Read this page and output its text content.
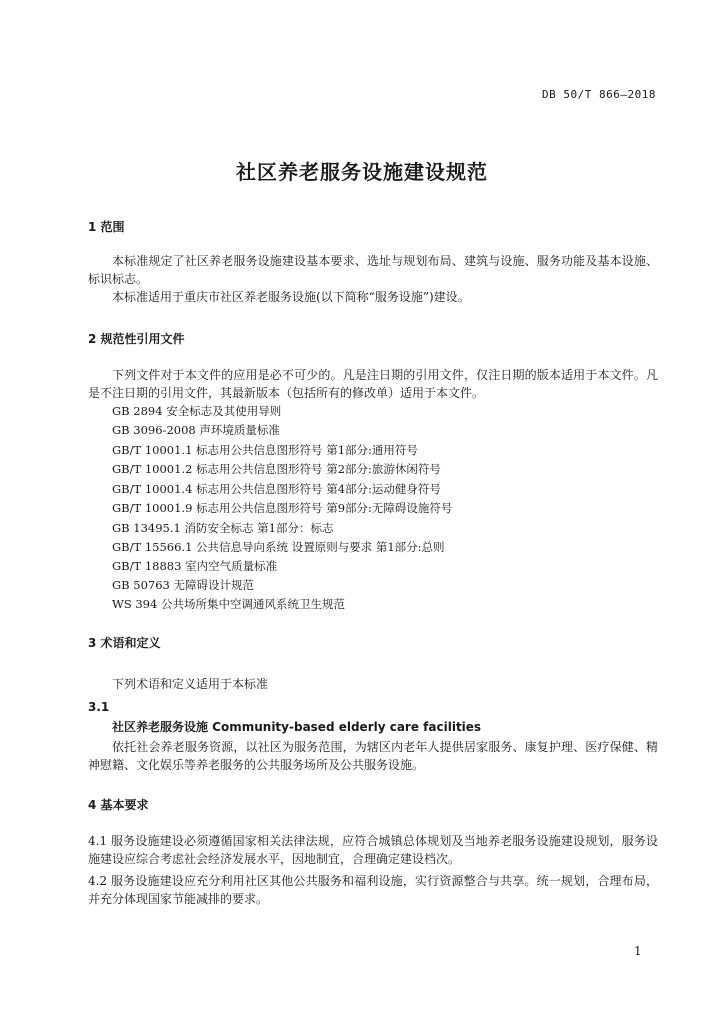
DB 50/T 866—2018
社区养老服务设施建设规范
1 范围
本标准规定了社区养老服务设施建设基本要求、选址与规划布局、建筑与设施、服务功能及基本设施、标识标志。
本标准适用于重庆市社区养老服务设施(以下简称“服务设施”)建设。
2 规范性引用文件
下列文件对于本文件的应用是必不可少的。凡是注日期的引用文件，仅注日期的版本适用于本文件。凡是不注日期的引用文件，其最新版本（包括所有的修改单）适用于本文件。
GB 2894 安全标志及其使用导则
GB 3096-2008 声环境质量标准
GB/T 10001.1 标志用公共信息图形符号 第1部分:通用符号
GB/T 10001.2 标志用公共信息图形符号 第2部分:旅游休闲符号
GB/T 10001.4 标志用公共信息图形符号 第4部分:运动健身符号
GB/T 10001.9 标志用公共信息图形符号 第9部分:无障碍设施符号
GB 13495.1 消防安全标志 第1部分：标志
GB/T 15566.1 公共信息导向系统 设置原则与要求 第1部分:总则
GB/T 18883 室内空气质量标准
GB 50763 无障碍设计规范
WS 394 公共场所集中空调通风系统卫生规范
3 术语和定义
下列术语和定义适用于本标准
3.1
社区养老服务设施 Community-based elderly care facilities
依托社会养老服务资源，以社区为服务范围，为辖区内老年人提供居家服务、康复护理、医疗保健、精神慰籍、文化娱乐等养老服务的公共服务场所及公共服务设施。
4 基本要求
4.1 服务设施建设必须遵循国家相关法律法规，应符合城镇总体规划及当地养老服务设施建设规划，服务设施建设应综合考虑社会经济发展水平，因地制宜，合理确定建设档次。
4.2 服务设施建设应充分利用社区其他公共服务和福利设施，实行资源整合与共享。统一规划，合理布局，并充分体现国家节能减排的要求。
1
